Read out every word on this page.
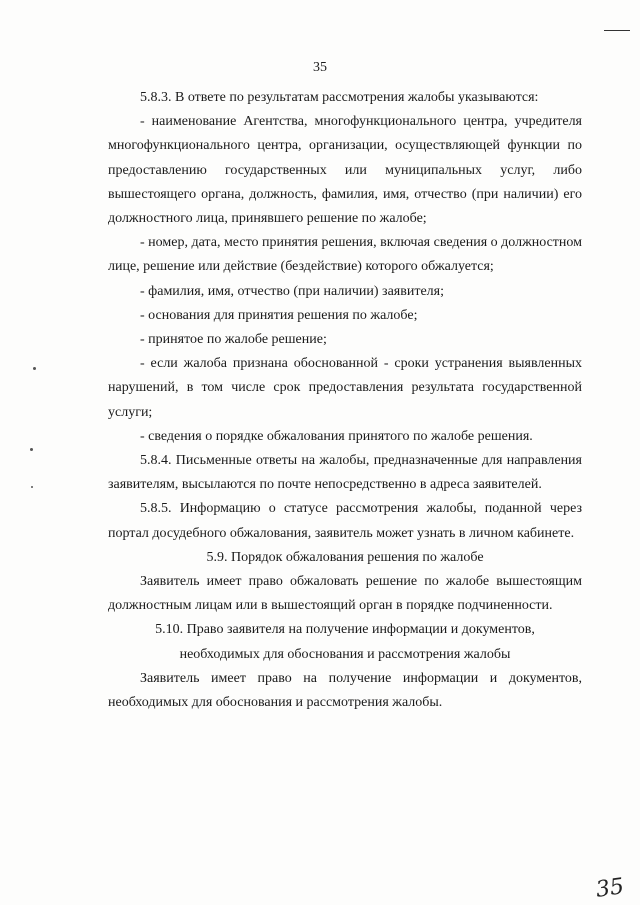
35

5.8.3. В ответе по результатам рассмотрения жалобы указываются:

- наименование Агентства, многофункционального центра, учредителя многофункционального центра, организации, осуществляющей функции по предоставлению государственных или муниципальных услуг, либо вышестоящего органа, должность, фамилия, имя, отчество (при наличии) его должностного лица, принявшего решение по жалобе;

- номер, дата, место принятия решения, включая сведения о должностном лице, решение или действие (бездействие) которого обжалуется;

- фамилия, имя, отчество (при наличии) заявителя;

- основания для принятия решения по жалобе;

- принятое по жалобе решение;

- если жалоба признана обоснованной - сроки устранения выявленных нарушений, в том числе срок предоставления результата государственной услуги;

- сведения о порядке обжалования принятого по жалобе решения.

5.8.4. Письменные ответы на жалобы, предназначенные для направления заявителям, высылаются по почте непосредственно в адреса заявителей.

5.8.5. Информацию о статусе рассмотрения жалобы, поданной через портал досудебного обжалования, заявитель может узнать в личном кабинете.

5.9. Порядок обжалования решения по жалобе

Заявитель имеет право обжаловать решение по жалобе вышестоящим должностным лицам или в вышестоящий орган в порядке подчиненности.

5.10. Право заявителя на получение информации и документов,

необходимых для обоснования и рассмотрения жалобы

Заявитель имеет право на получение информации и документов, необходимых для обоснования и рассмотрения жалобы.

35
